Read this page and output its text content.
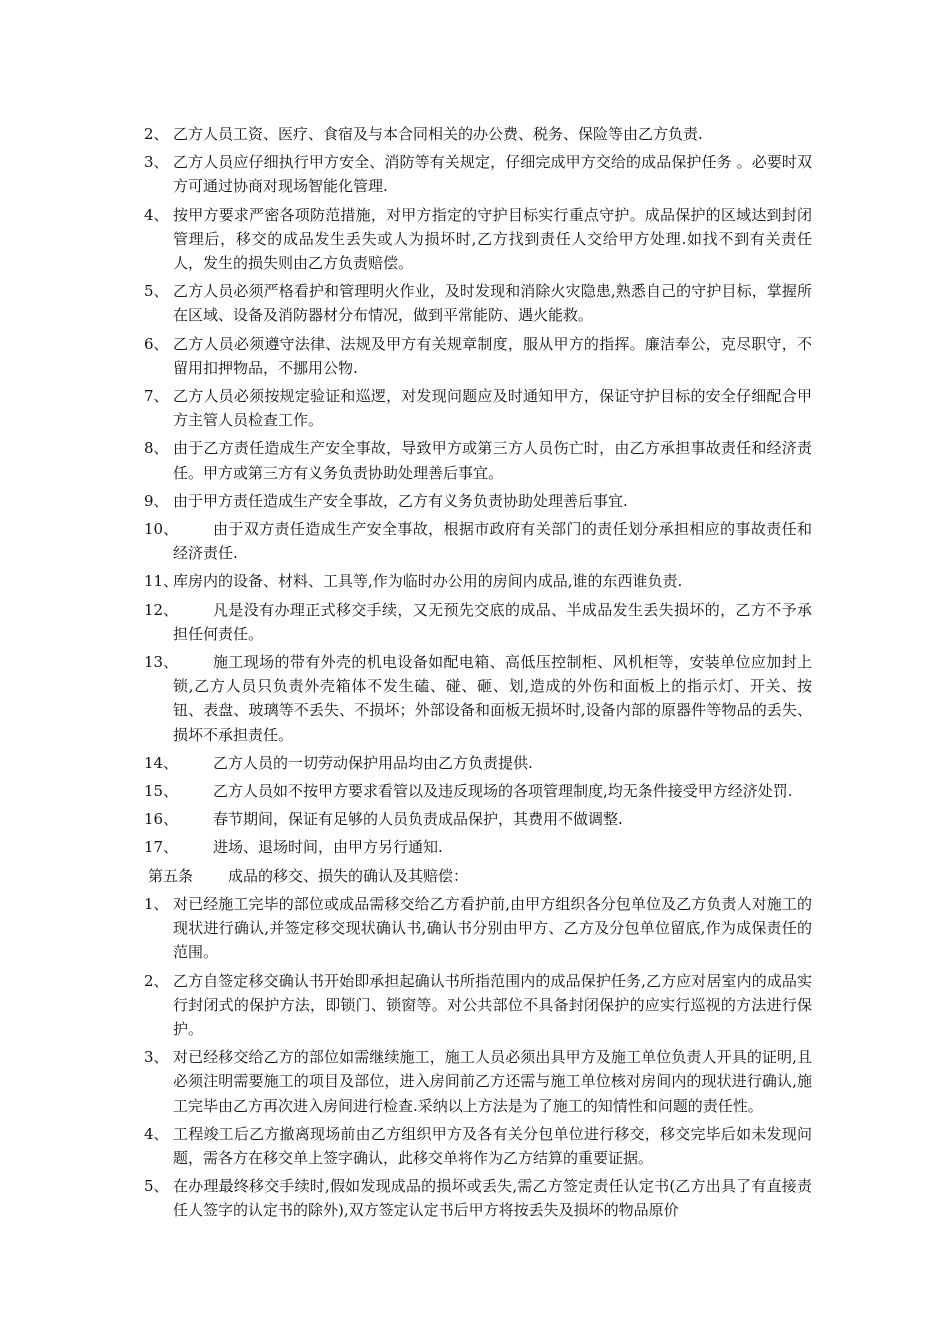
2、 乙方人员工资、医疗、食宿及与本合同相关的办公费、税务、保险等由乙方负责.
3、 乙方人员应仔细执行甲方安全、消防等有关规定，仔细完成甲方交给的成品保护任务 。必要时双方可通过协商对现场智能化管理.
4、 按甲方要求严密各项防范措施，对甲方指定的守护目标实行重点守护。成品保护的区域达到封闭管理后，移交的成品发生丢失或人为损坏时,乙方找到责任人交给甲方处理.如找不到有关责任人，发生的损失则由乙方负责赔偿。
5、 乙方人员必须严格看护和管理明火作业，及时发现和消除火灾隐患,熟悉自己的守护目标，掌握所在区域、设备及消防器材分布情况，做到平常能防、遇火能救。
6、 乙方人员必须遵守法律、法规及甲方有关规章制度，服从甲方的指挥。廉洁奉公，克尽职守，不留用扣押物品，不挪用公物.
7、 乙方人员必须按规定验证和巡逻，对发现问题应及时通知甲方，保证守护目标的安全仔细配合甲方主管人员检查工作。
8、 由于乙方责任造成生产安全事故，导致甲方或第三方人员伤亡时，由乙方承担事故责任和经济责任。甲方或第三方有义务负责协助处理善后事宜。
9、 由于甲方责任造成生产安全事故，乙方有义务负责协助处理善后事宜.
10、	由于双方责任造成生产安全事故，根据市政府有关部门的责任划分承担相应的事故责任和经济责任.
11、
库房内的设备、材料、工具等,作为临时办公用的房间内成品,谁的东西谁负责.
12、	凡是没有办理正式移交手续，又无预先交底的成品、半成品发生丢失损坏的，乙方不予承担任何责任。
13、	施工现场的带有外壳的机电设备如配电箱、高低压控制柜、风机柜等，安装单位应加封上锁,乙方人员只负责外壳箱体不发生磕、碰、砸、划,造成的外伤和面板上的指示灯、开关、按钮、表盘、玻璃等不丢失、不损坏；外部设备和面板无损坏时,设备内部的原器件等物品的丢失、损坏不承担责任。
14、	乙方人员的一切劳动保护用品均由乙方负责提供.
15、	乙方人员如不按甲方要求看管以及违反现场的各项管理制度,均无条件接受甲方经济处罚.
16、	春节期间，保证有足够的人员负责成品保护，其费用不做调整.
17、	进场、退场时间，由甲方另行通知.
第五条 成品的移交、损失的确认及其赔偿：
1、 对已经施工完毕的部位或成品需移交给乙方看护前,由甲方组织各分包单位及乙方负责人对施工的现状进行确认,并签定移交现状确认书,确认书分别由甲方、乙方及分包单位留底,作为成保责任的范围。
2、 乙方自签定移交确认书开始即承担起确认书所指范围内的成品保护任务,乙方应对居室内的成品实行封闭式的保护方法，即锁门、锁窗等。对公共部位不具备封闭保护的应实行巡视的方法进行保护。
3、 对已经移交给乙方的部位如需继续施工，施工人员必须出具甲方及施工单位负责人开具的证明,且必须注明需要施工的项目及部位，进入房间前乙方还需与施工单位核对房间内的现状进行确认,施工完毕由乙方再次进入房间进行检查.采纳以上方法是为了施工的知情性和问题的责任性。
4、 工程竣工后乙方撤离现场前由乙方组织甲方及各有关分包单位进行移交，移交完毕后如未发现问题，需各方在移交单上签字确认，此移交单将作为乙方结算的重要证据。
5、 在办理最终移交手续时,假如发现成品的损坏或丢失,需乙方签定责任认定书(乙方出具了有直接责任人签字的认定书的除外),双方签定认定书后甲方将按丢失及损坏的物品原价
